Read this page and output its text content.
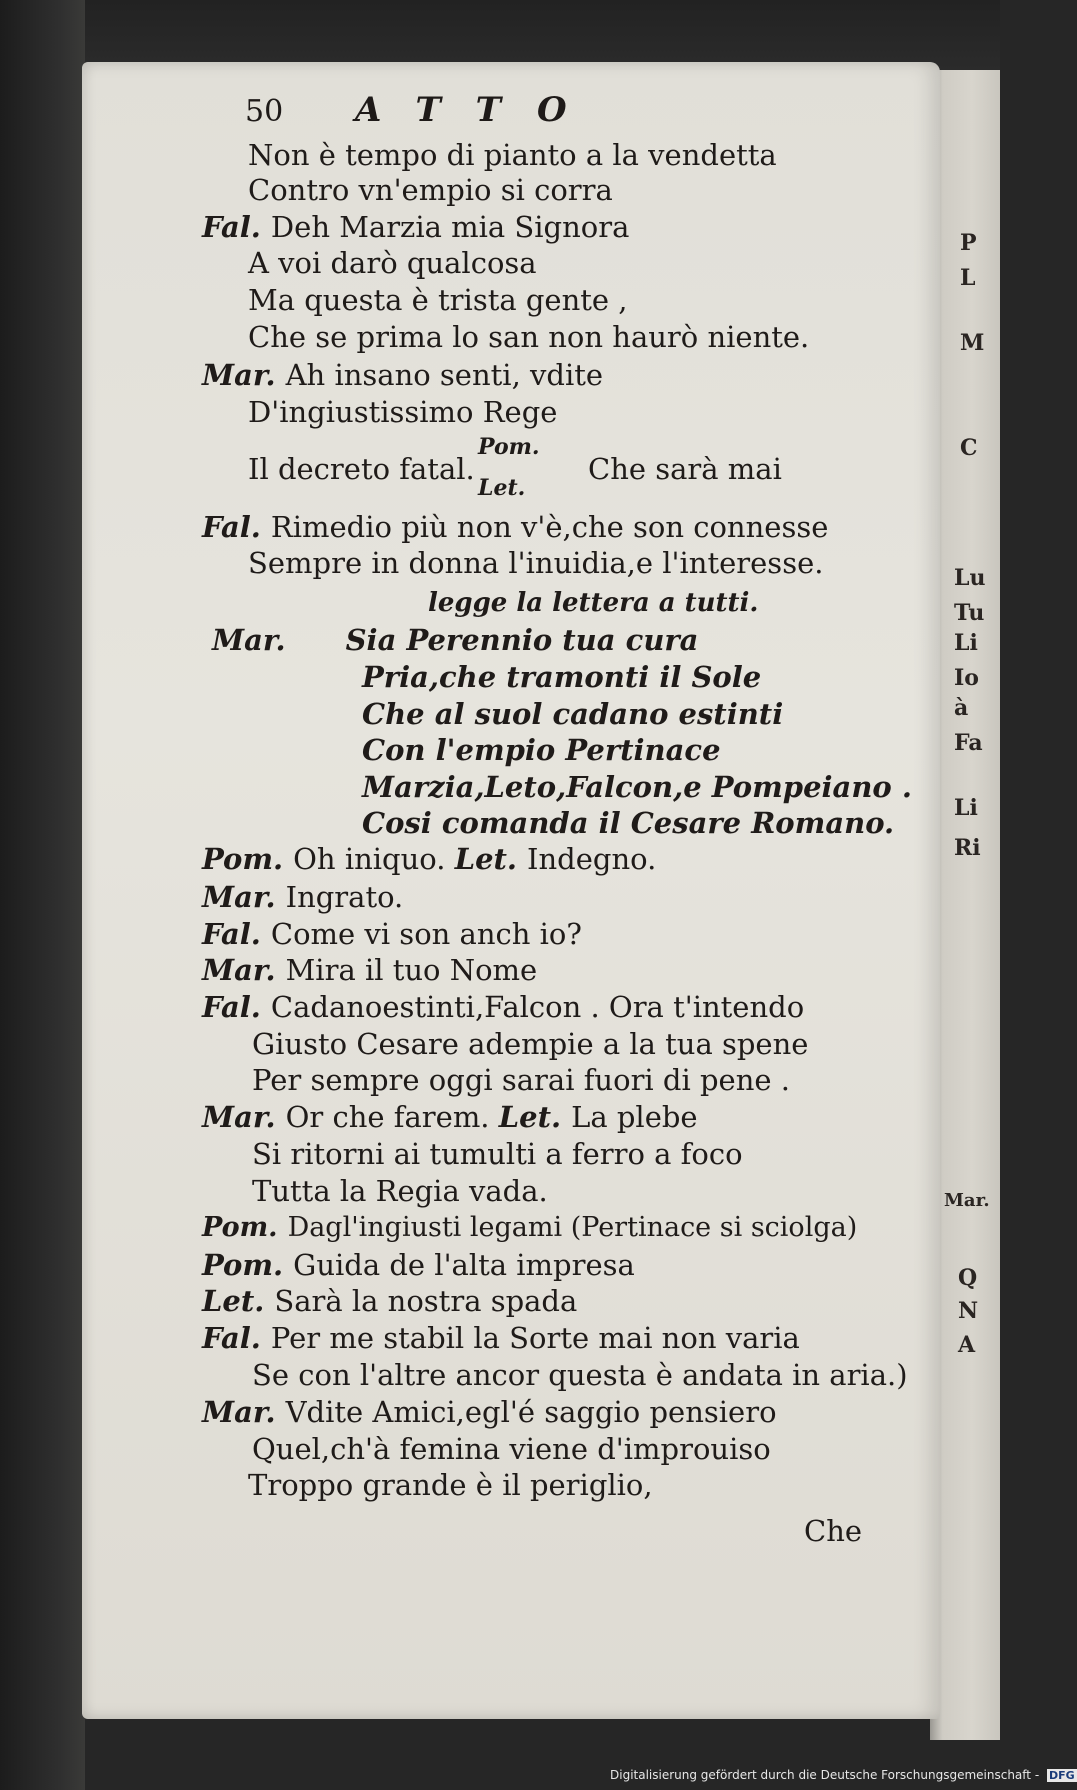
P
L
M
C
Lu
Tu
Li
Io
à
Fa
Li
Ri
Mar.
Q
N
A
50 ATTO
Non è tempo di pianto a la vendetta
Contro vn'empio si corra
Fal. Deh Marzia mia Signora
A voi darò qualcosa
Ma questa è trista gente ,
Che se prima lo san non haurò niente.
Mar. Ah insano senti, vdite
D'ingiustissimo Rege
Il decreto fatal.
Pom.
Let.
Che sarà mai
Fal. Rimedio più non v'è,che son connesse
Sempre in donna l'inuidia,e l'interesse.
legge la lettera a tutti.
Mar. Sia Perennio tua cura
Pria,che tramonti il Sole
Che al suol cadano estinti
Con l'empio Pertinace
Marzia,Leto,Falcon,e Pompeiano .
Cosi comanda il Cesare Romano.
Pom. Oh iniquo. Let. Indegno.
Mar. Ingrato.
Fal. Come vi son anch io?
Mar. Mira il tuo Nome
Fal. Cadanoestinti,Falcon . Ora t'intendo
Giusto Cesare adempie a la tua spene
Per sempre oggi sarai fuori di pene .
Mar. Or che farem. Let. La plebe
Si ritorni ai tumulti a ferro a foco
Tutta la Regia vada.
Pom. Dagl'ingiusti legami (Pertinace si sciolga)
Pom. Guida de l'alta impresa
Let. Sarà la nostra spada
Fal. Per me stabil la Sorte mai non varia
Se con l'altre ancor questa è andata in aria.)
Mar. Vdite Amici,egl'é saggio pensiero
Quel,ch'à femina viene d'improuiso
Troppo grande è il periglio,
Che
Digitalisierung gefördert durch die Deutsche Forschungsgemeinschaft - DFG
